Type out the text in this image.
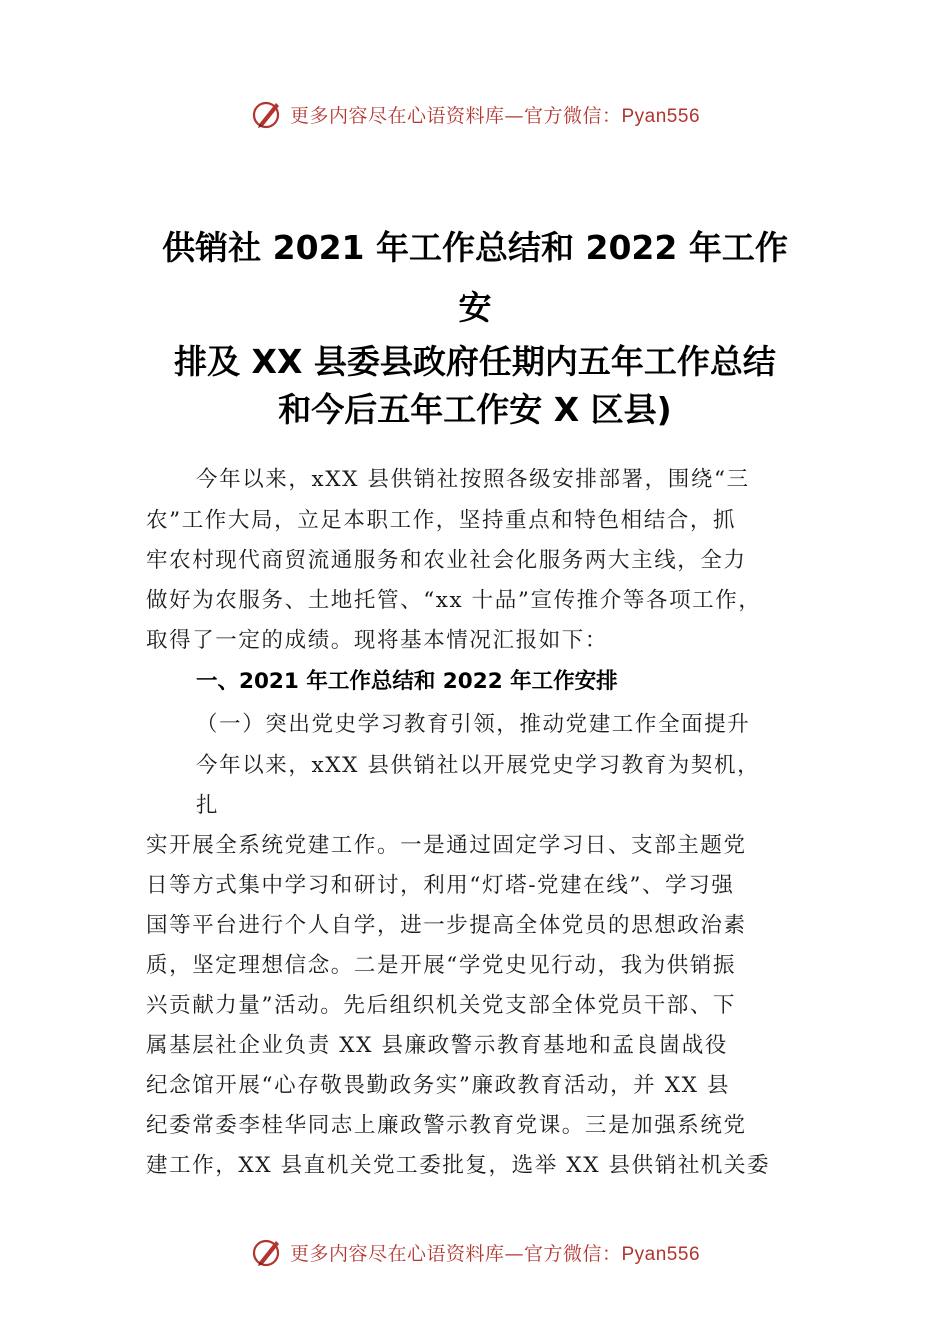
更多内容尽在心语资料库—官方微信：Pyan556
供销社 2021 年工作总结和 2022 年工作
安
排及 XX 县委县政府任期内五年工作总结
和今后五年工作安 X 区县)
今年以来，xXX 县供销社按照各级安排部署，围绕“三
农”工作大局，立足本职工作，坚持重点和特色相结合，抓
牢农村现代商贸流通服务和农业社会化服务两大主线，全力
做好为农服务、土地托管、“xx 十品”宣传推介等各项工作，
取得了一定的成绩。现将基本情况汇报如下：
一、2021 年工作总结和 2022 年工作安排
（一）突出党史学习教育引领，推动党建工作全面提升
今年以来，xXX 县供销社以开展党史学习教育为契机，
扎
实开展全系统党建工作。一是通过固定学习日、支部主题党
日等方式集中学习和研讨，利用“灯塔-党建在线”、学习强
国等平台进行个人自学，进一步提高全体党员的思想政治素
质，坚定理想信念。二是开展“学党史见行动，我为供销振
兴贡献力量”活动。先后组织机关党支部全体党员干部、下
属基层社企业负责 XX 县廉政警示教育基地和孟良崮战役
纪念馆开展“心存敬畏勤政务实”廉政教育活动，并 XX 县
纪委常委李桂华同志上廉政警示教育党课。三是加强系统党
建工作，XX 县直机关党工委批复，选举 XX 县供销社机关委
更多内容尽在心语资料库—官方微信：Pyan556
